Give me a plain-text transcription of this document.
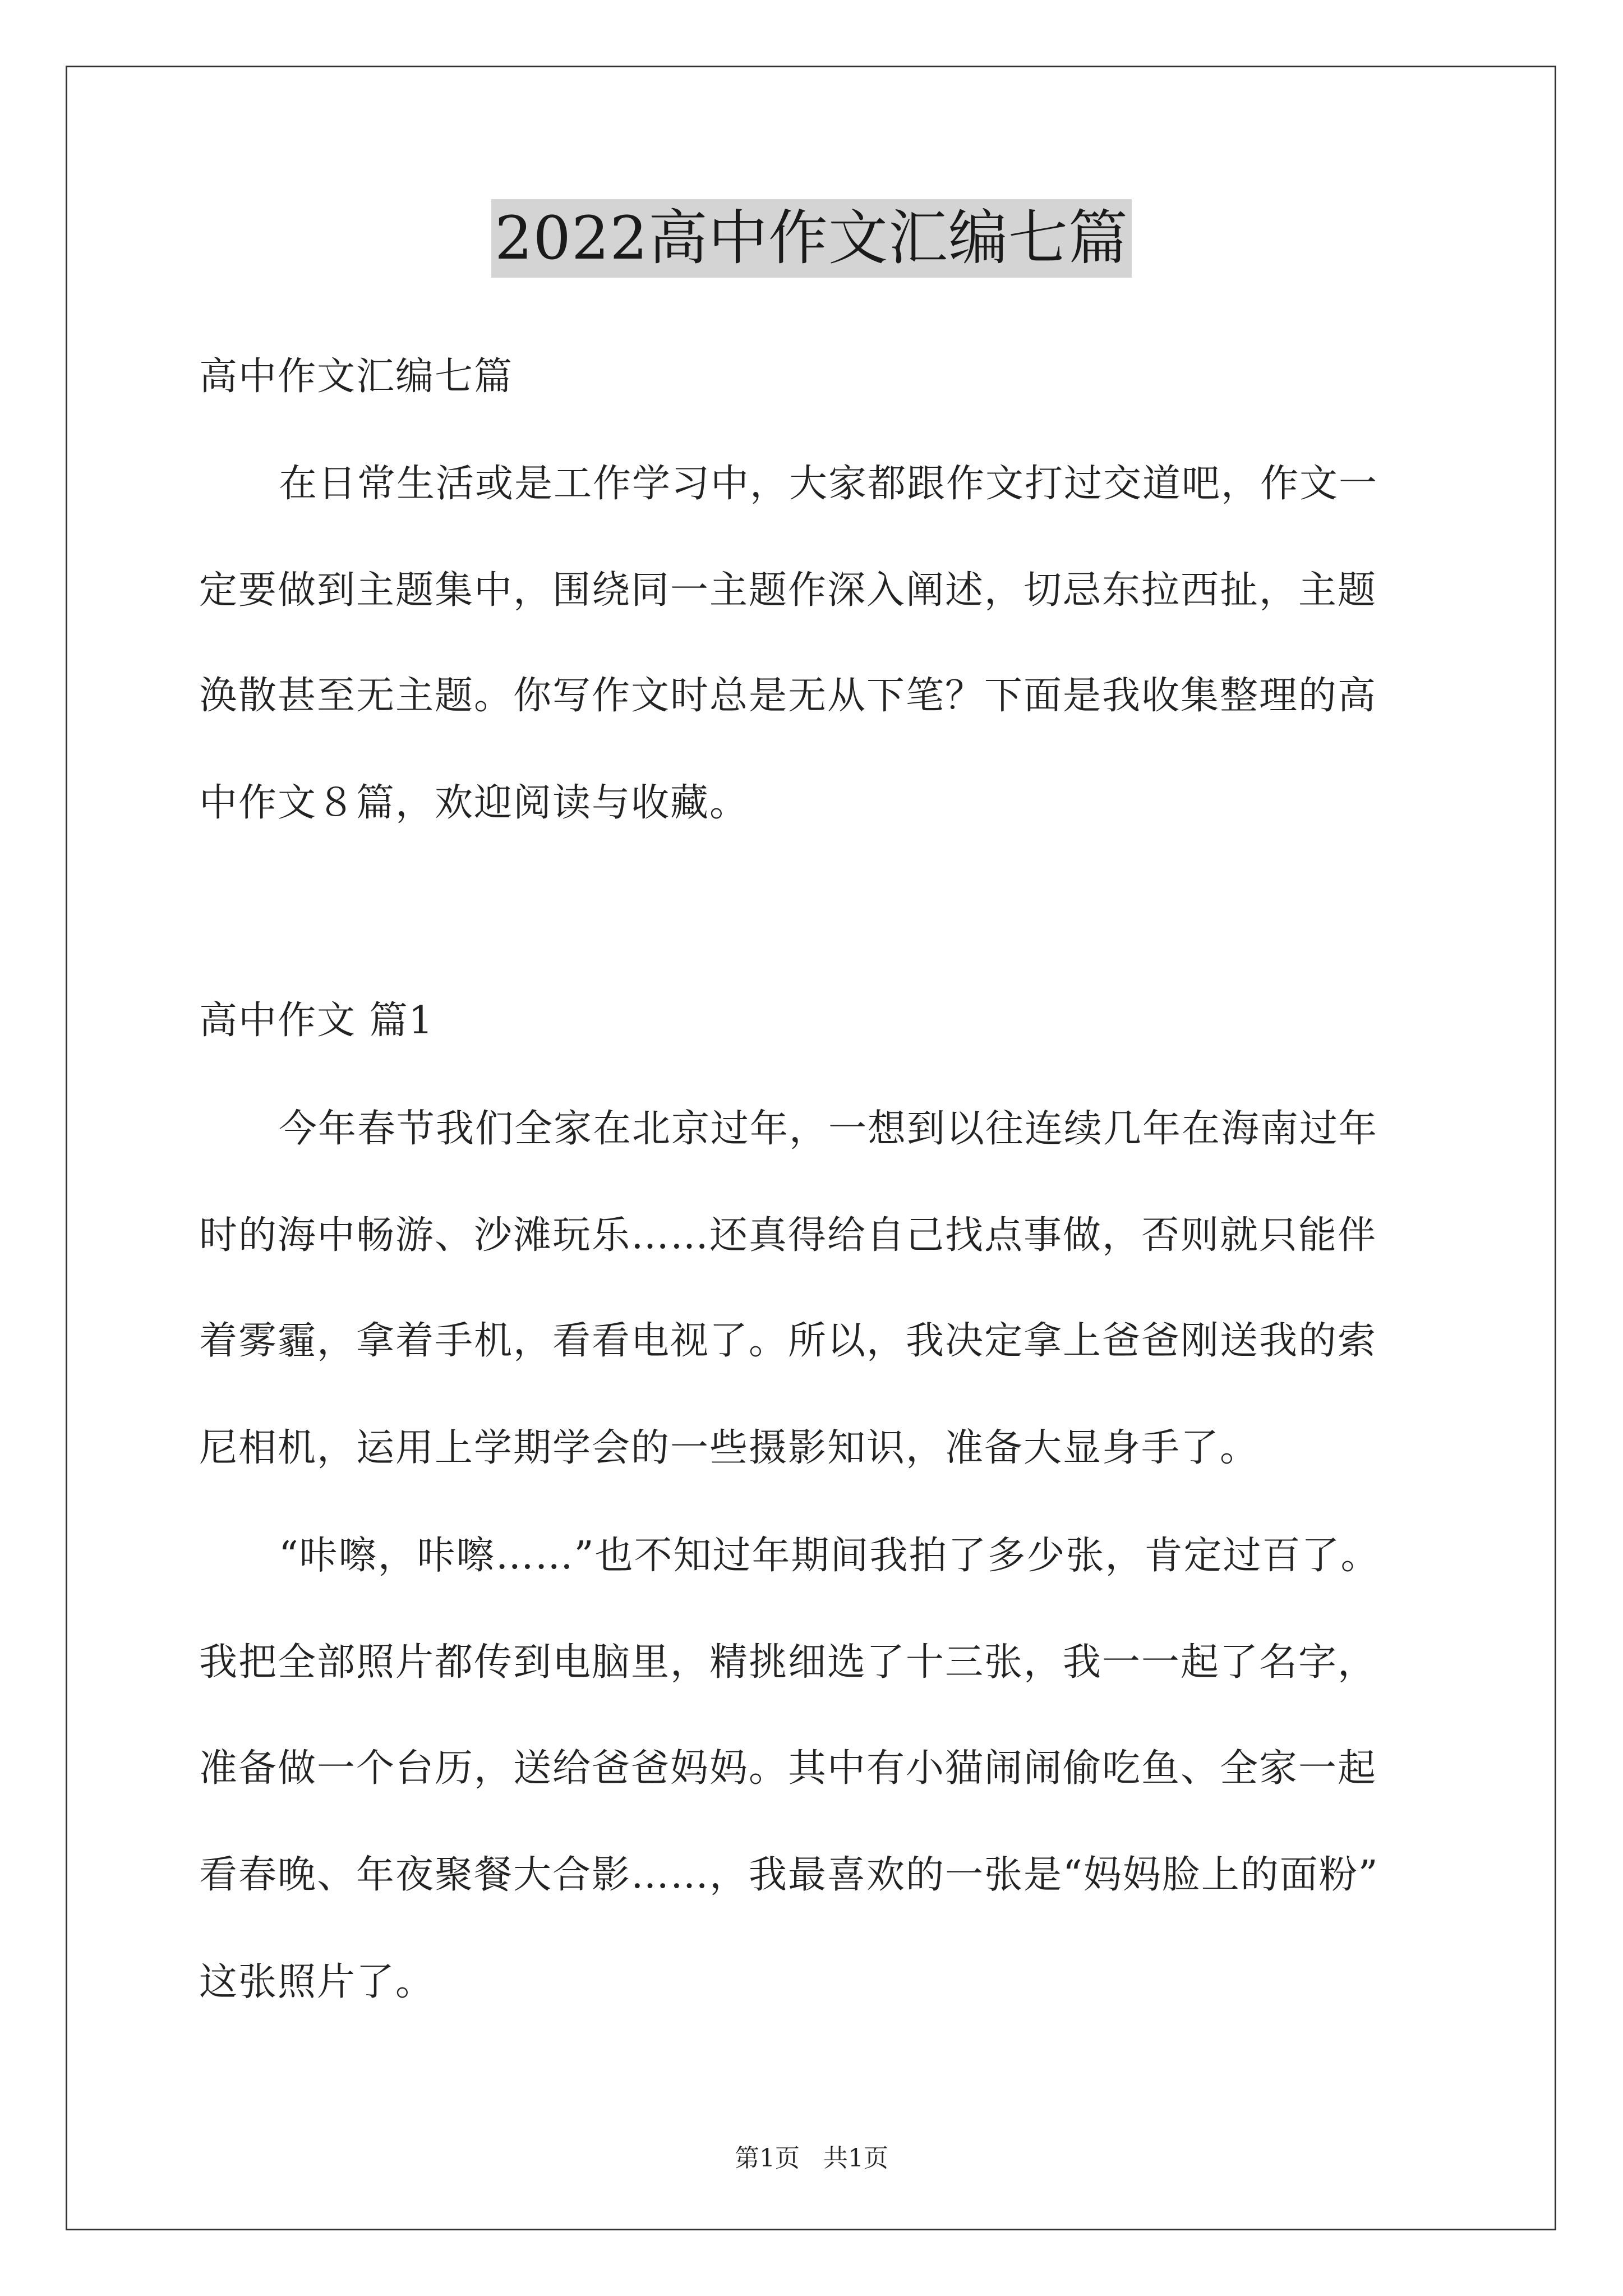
2022高中作文汇编七篇
高中作文汇编七篇
在日常生活或是工作学习中，大家都跟作文打过交道吧，作文一
定要做到主题集中，围绕同一主题作深入阐述，切忌东拉西扯，主题
涣散甚至无主题。你写作文时总是无从下笔？下面是我收集整理的高
中作文８篇，欢迎阅读与收藏。
高中作文 篇1
今年春节我们全家在北京过年，一想到以往连续几年在海南过年
时的海中畅游、沙滩玩乐……还真得给自己找点事做，否则就只能伴
着雾霾，拿着手机，看看电视了。所以，我决定拿上爸爸刚送我的索
尼相机，运用上学期学会的一些摄影知识，准备大显身手了。
“咔嚓，咔嚓……”也不知过年期间我拍了多少张，肯定过百了。
我把全部照片都传到电脑里，精挑细选了十三张，我一一起了名字，
准备做一个台历，送给爸爸妈妈。其中有小猫闹闹偷吃鱼、全家一起
看春晚、年夜聚餐大合影……，我最喜欢的一张是“妈妈脸上的面粉”
这张照片了。
第1页 共1页
